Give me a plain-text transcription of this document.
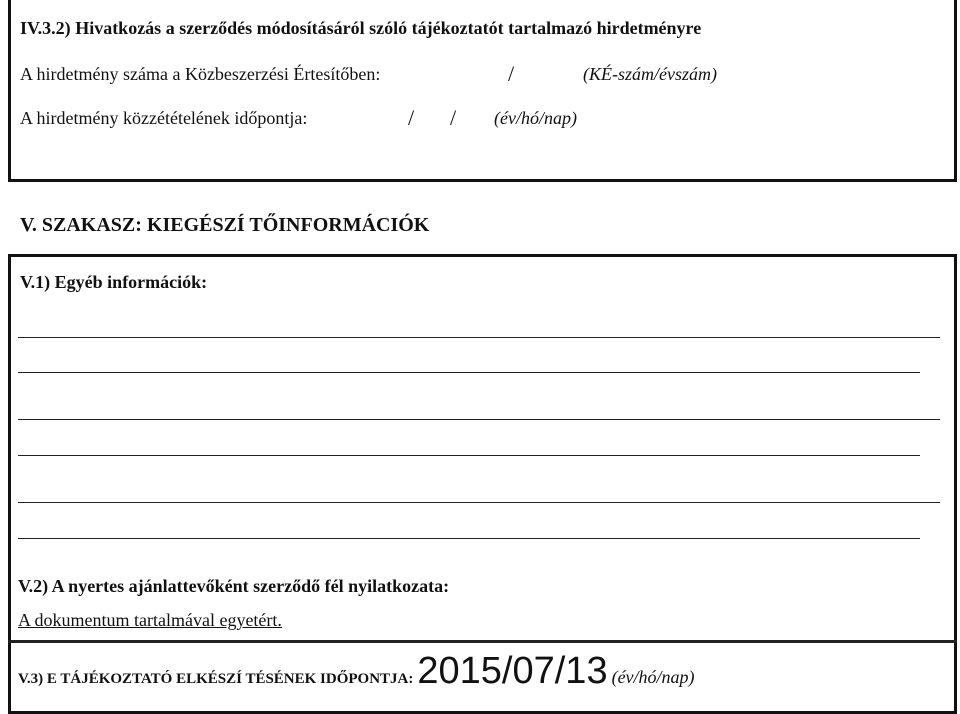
IV.3.2) Hivatkozás a szerződés módosításáról szóló tájékoztatót tartalmazó hirdetményre
A hirdetmény száma a Közbeszerzési Értesítőben:	/	(KÉ-szám/évszám)
A hirdetmény közzétételének időpontja:	/ / (év/hó/nap)
V. SZAKASZ: KIEGÉSZÍ TŐINFORMÁCIÓK
V.1) Egyéb információk:
V.2) A nyertes ajánlattevőként szerződő fél nyilatkozata:
A dokumentum tartalmával egyetért.
V.3) E TÁJÉKOZTATÓ ELKÉSZÍ TÉSÉNEK IDŐPONTJA: 2015/07/13 (év/hó/nap)
